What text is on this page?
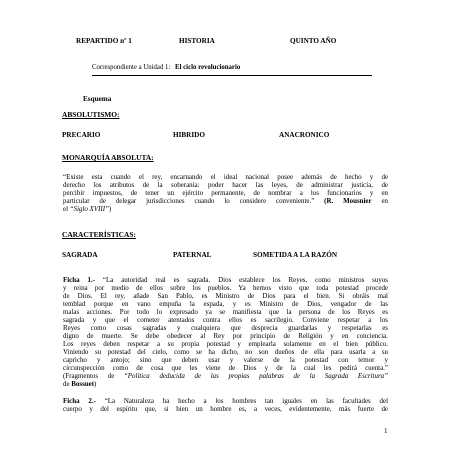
REPARTIDO nº 1	HISTORIA	QUINTO AÑO
Correspondiente a Unidad 1: El ciclo revolucionario
Esquema
ABSOLUTISMO:
PRECARIO	HIBRIDO	ANACRONICO
MONARQUÍA ABSOLUTA:
“Existe esta cuando el rey, encarnando el ideal nacional posee además de hecho y de
derecho los atributos de la soberanía: poder hacer las leyes, de administrar justicia, de
percibir impuestos, de tener un ejército permanente, de nombrar a los funcionarios y en
particular de delegar jurisdicciones cuando lo considere conveniente.” (R. Mousnier en
el “Siglo XVIII”)
CARACTERÍSTICAS:
SAGRADA	PATERNAL	SOMETIDA A LA RAZÓN
Ficha 1.- “La autoridad real es sagrada. Dios establece los Reyes, como ministros suyos
y reina por medio de ellos sobre los pueblos. Ya hemos visto que toda potestad procede
de Dios. El rey, añade San Pablo, es Ministro de Dios para el bien. Si obráis mal
temblad porque en vano empuña la espada, y es Ministro de Dios, vengador de las
malas acciones. Por todo lo expresado ya se manifiesta que la persona de los Reyes es
sagrada y que el cometer atentados contra ellos es sacrilegio. Conviene respetar a los
Reyes como cosas sagradas y cualquiera que desprecia guardarlas y respetarlas es
digno de muerte. Se debe obedecer al Rey por principio de Religión y en conciencia.
Los reyes deben respetar a su propia potestad y emplearla solamente en el bien público.
Viniendo su potestad del cielo, como se ha dicho, no son dueños de ella para usarla a su
capricho y antojo; sino que deben usar y valerse de la potestad con temor y
circunspección como de cosa que les viene de Dios y de la cual les pedirá cuenta.”
(Fragmentos de “Política deducida de las propias palabras de la Sagrada Escritura”
de Bossuet)
Ficha 2.- “La Naturaleza ha hecho a los hombres tan iguales en las facultades del
cuerpo y del espíritu que, si bien un hombre es, a veces, evidentemente, más fuerte de
1
